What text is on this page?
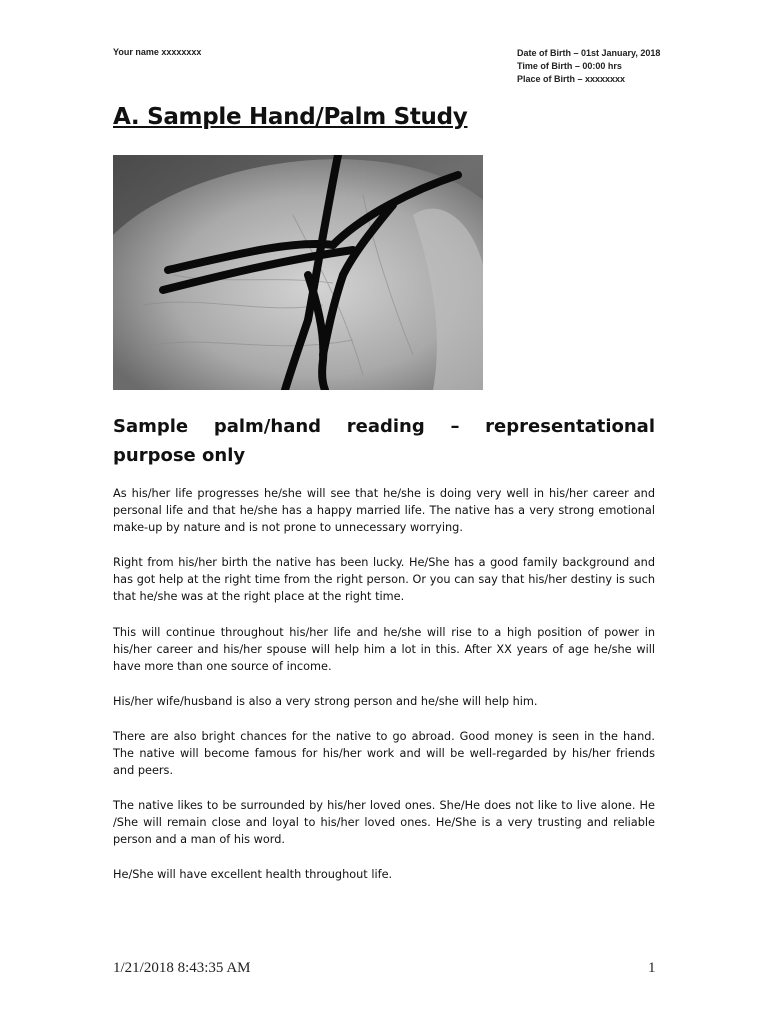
Your name xxxxxxxx	Date of Birth – 01st January, 2018
Time of Birth – 00:00 hrs
Place of Birth – xxxxxxxx
A. Sample Hand/Palm Study
Sample palm/hand reading – representational purpose only

As his/her life progresses he/she will see that he/she is doing very well in his/her career and personal life and that he/she has a happy married life. The native has a very strong emotional make-up by nature and is not prone to unnecessary worrying.

Right from his/her birth the native has been lucky. He/She has a good family background and has got help at the right time from the right person. Or you can say that his/her destiny is such that he/she was at the right place at the right time.

This will continue throughout his/her life and he/she will rise to a high position of power in his/her career and his/her spouse will help him a lot in this. After XX years of age he/she will have more than one source of income.

His/her wife/husband is also a very strong person and he/she will help him.

There are also bright chances for the native to go abroad. Good money is seen in the hand. The native will become famous for his/her work and will be well-regarded by his/her friends and peers.

The native likes to be surrounded by his/her loved ones. She/He does not like to live alone. He /She will remain close and loyal to his/her loved ones. He/She is a very trusting and reliable person and a man of his word.

He/She will have excellent health throughout life.

1/21/2018 8:43:35 AM	1
